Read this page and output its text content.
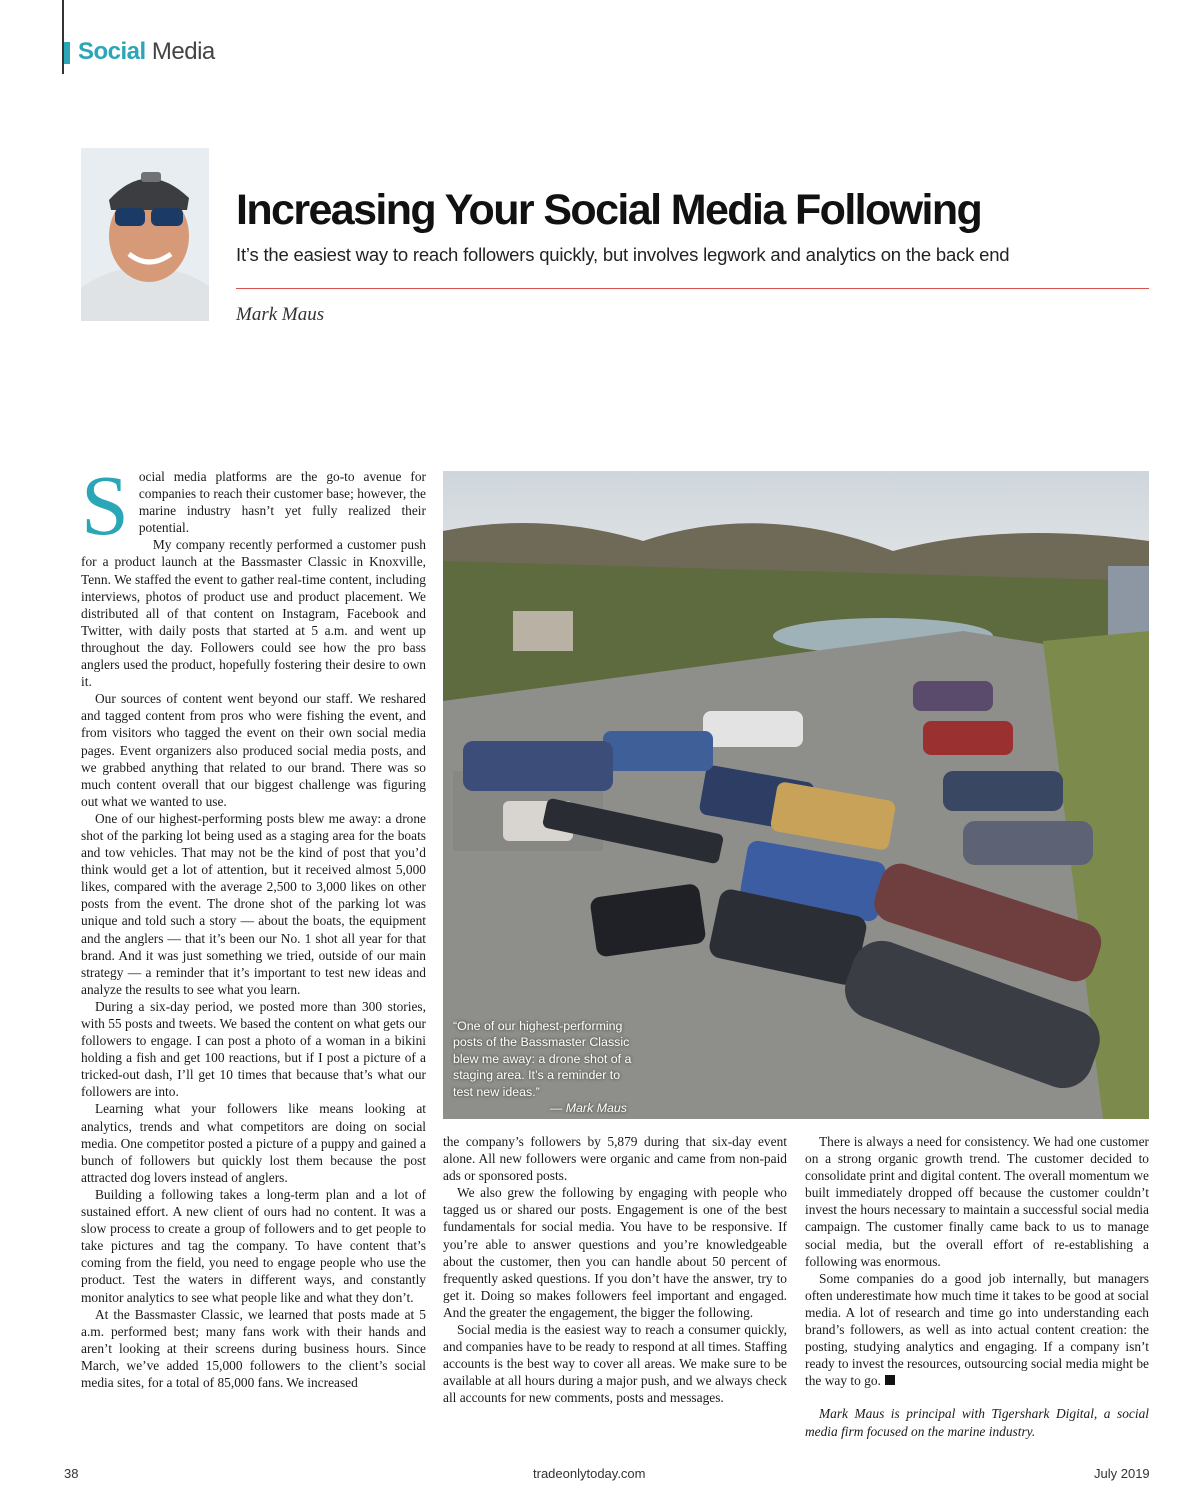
Social Media
Increasing Your Social Media Following

It’s the easiest way to reach followers quickly, but involves legwork and analytics on the back end

Mark Maus

Social media platforms are the go-to avenue for companies to reach their customer base; however, the marine industry hasn’t yet fully realized their potential.

My company recently performed a customer push for a product launch at the Bassmaster Classic in Knoxville, Tenn. We staffed the event to gather real-time content, including interviews, photos of product use and product placement. We distributed all of that content on Instagram, Facebook and Twitter, with daily posts that started at 5 a.m. and went up throughout the day. Followers could see how the pro bass anglers used the product, hopefully fostering their desire to own it.

Our sources of content went beyond our staff. We reshared and tagged content from pros who were fishing the event, and from visitors who tagged the event on their own social media pages. Event organizers also produced social media posts, and we grabbed anything that related to our brand. There was so much content overall that our biggest challenge was figuring out what we wanted to use.

One of our highest-performing posts blew me away: a drone shot of the parking lot being used as a staging area for the boats and tow vehicles. That may not be the kind of post that you’d think would get a lot of attention, but it received almost 5,000 likes, compared with the average 2,500 to 3,000 likes on other posts from the event. The drone shot of the parking lot was unique and told such a story — about the boats, the equipment and the anglers — that it’s been our No. 1 shot all year for that brand. And it was just something we tried, outside of our main strategy — a reminder that it’s important to test new ideas and analyze the results to see what you learn.

During a six-day period, we posted more than 300 stories, with 55 posts and tweets. We based the content on what gets our followers to engage. I can post a photo of a woman in a bikini holding a fish and get 100 reactions, but if I post a picture of a tricked-out dash, I’ll get 10 times that because that’s what our followers are into.

Learning what your followers like means looking at analytics, trends and what competitors are doing on social media. One competitor posted a picture of a puppy and gained a bunch of followers but quickly lost them because the post attracted dog lovers instead of anglers.

Building a following takes a long-term plan and a lot of sustained effort. A new client of ours had no content. It was a slow process to create a group of followers and to get people to take pictures and tag the company. To have content that’s coming from the field, you need to engage people who use the product. Test the waters in different ways, and constantly monitor analytics to see what people like and what they don’t.

At the Bassmaster Classic, we learned that posts made at 5 a.m. performed best; many fans work with their hands and aren’t looking at their screens during business hours. Since March, we’ve added 15,000 followers to the client’s social media sites, for a total of 85,000 fans. We increased

“One of our highest-performing posts of the Bassmaster Classic blew me away: a drone shot of a staging area. It’s a reminder to test new ideas.”
— Mark Maus

the company’s followers by 5,879 during that six-day event alone. All new followers were organic and came from non-paid ads or sponsored posts.

We also grew the following by engaging with people who tagged us or shared our posts. Engagement is one of the best fundamentals for social media. You have to be responsive. If you’re able to answer questions and you’re knowledgeable about the customer, then you can handle about 50 percent of frequently asked questions. If you don’t have the answer, try to get it. Doing so makes followers feel important and engaged. And the greater the engagement, the bigger the following.

Social media is the easiest way to reach a consumer quickly, and companies have to be ready to respond at all times. Staffing accounts is the best way to cover all areas. We make sure to be available at all hours during a major push, and we always check all accounts for new comments, posts and messages.

There is always a need for consistency. We had one customer on a strong organic growth trend. The customer decided to consolidate print and digital content. The overall momentum we built immediately dropped off because the customer couldn’t invest the hours necessary to maintain a successful social media campaign. The customer finally came back to us to manage social media, but the overall effort of re-establishing a following was enormous.

Some companies do a good job internally, but managers often underestimate how much time it takes to be good at social media. A lot of research and time go into understanding each brand’s followers, as well as into actual content creation: the posting, studying analytics and engaging. If a company isn’t ready to invest the resources, outsourcing social media might be the way to go.

Mark Maus is principal with Tigershark Digital, a social media firm focused on the marine industry.

38	tradeonlytoday.com	July 2019
